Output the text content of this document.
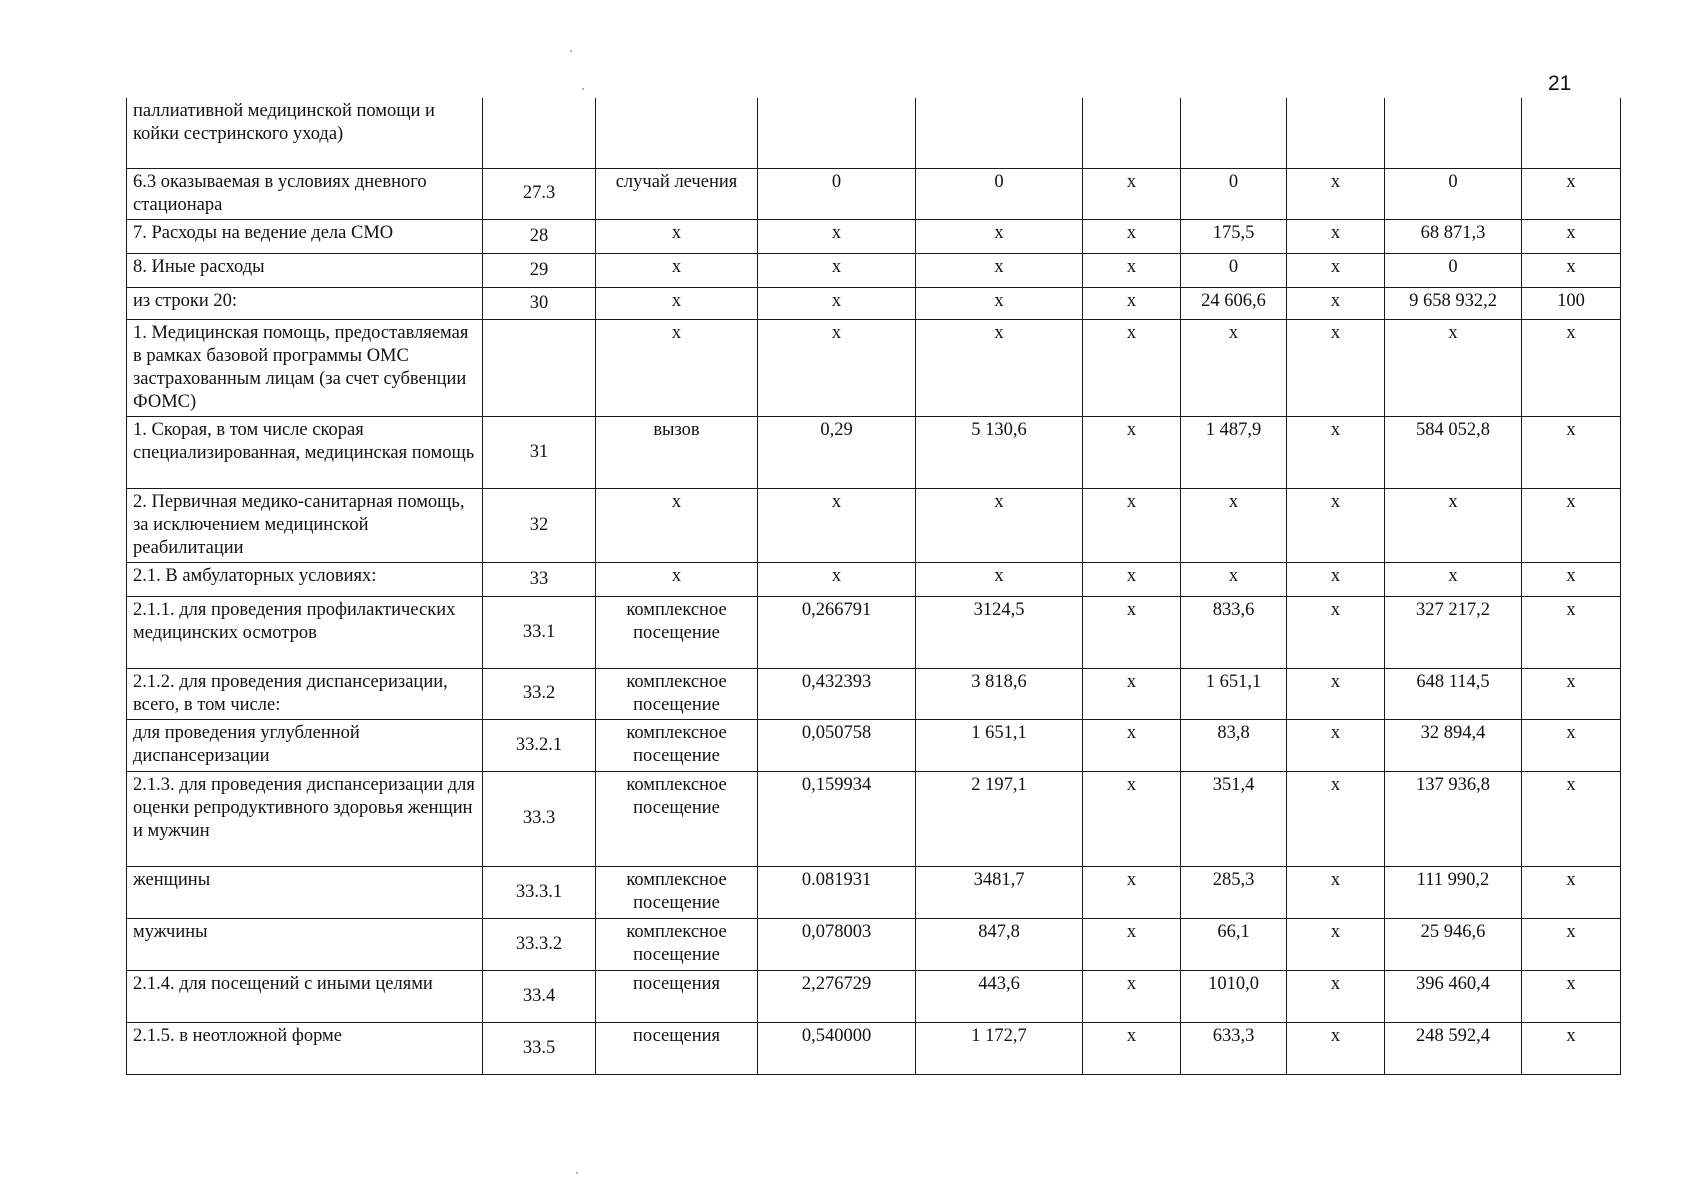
21
паллиативной медицинской помощи и койки сестринского ухода)									
6.3 оказываемая в условиях дневного стационара	27.3	случай лечения	0	0	х	0	х	0	х
7. Расходы на ведение дела СМО	28	х	х	х	х	175,5	х	68 871,3	х
8. Иные расходы	29	х	х	х	х	0	х	0	х
из строки 20:	30	х	х	х	х	24 606,6	х	9 658 932,2	100
1. Медицинская помощь, предоставляемая в рамках базовой программы ОМС застрахованным лицам (за счет субвенции ФОМС)		х	х	х	х	х	х	х	х
1. Скорая, в том числе скорая специализированная, медицинская помощь	31	вызов	0,29	5 130,6	х	1 487,9	х	584 052,8	х
2. Первичная медико-санитарная помощь, за исключением медицинской реабилитации	32	х	х	х	х	х	х	х	х
2.1. В амбулаторных условиях:	33	х	х	х	х	х	х	х	х
2.1.1. для проведения профилактических медицинских осмотров	33.1	комплексное посещение	0,266791	3124,5	х	833,6	х	327 217,2	х
2.1.2. для проведения диспансеризации, всего, в том числе:	33.2	комплексное посещение	0,432393	3 818,6	х	1 651,1	х	648 114,5	х
для проведения углубленной диспансеризации	33.2.1	комплексное посещение	0,050758	1 651,1	х	83,8	х	32 894,4	х
2.1.3. для проведения диспансеризации для оценки репродуктивного здоровья женщин и мужчин	33.3	комплексное посещение	0,159934	2 197,1	х	351,4	х	137 936,8	х
женщины	33.3.1	комплексное посещение	0.081931	3481,7	х	285,3	х	111 990,2	х
мужчины	33.3.2	комплексное посещение	0,078003	847,8	х	66,1	х	25 946,6	х
2.1.4. для посещений с иными целями	33.4	посещения	2,276729	443,6	х	1010,0	х	396 460,4	х
2.1.5. в неотложной форме	33.5	посещения	0,540000	1 172,7	х	633,3	х	248 592,4	х
